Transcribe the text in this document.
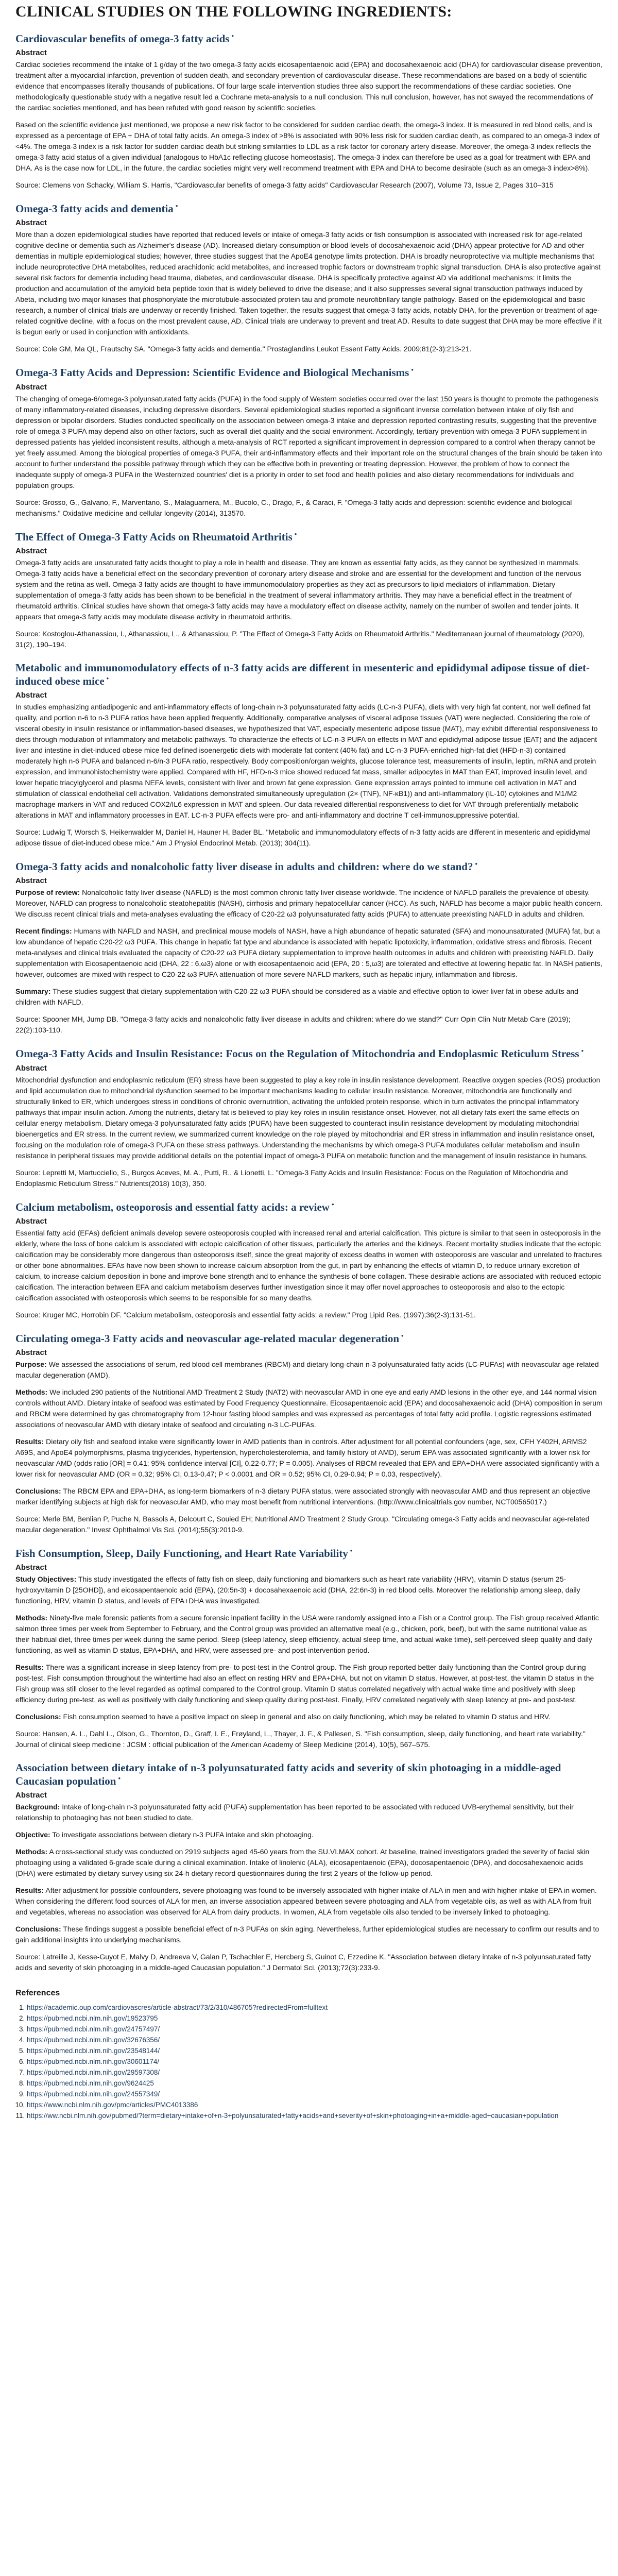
CLINICAL STUDIES ON THE FOLLOWING INGREDIENTS:
Cardiovascular benefits of omega-3 fatty acids •
Abstract

Cardiac societies recommend the intake of 1 g/day of the two omega-3 fatty acids eicosapentaenoic acid (EPA) and docosahexaenoic acid (DHA) for cardiovascular disease prevention, treatment after a myocardial infarction, prevention of sudden death, and secondary prevention of cardiovascular disease. These recommendations are based on a body of scientific evidence that encompasses literally thousands of publications. Of four large scale intervention studies three also support the recommendations of these cardiac societies. One methodologically questionable study with a negative result led a Cochrane meta-analysis to a null conclusion. This null conclusion, however, has not swayed the recommendations of the cardiac societies mentioned, and has been refuted with good reason by scientific societies.

Based on the scientific evidence just mentioned, we propose a new risk factor to be considered for sudden cardiac death, the omega-3 index. It is measured in red blood cells, and is expressed as a percentage of EPA + DHA of total fatty acids. An omega-3 index of >8% is associated with 90% less risk for sudden cardiac death, as compared to an omega-3 index of <4%. The omega-3 index is a risk factor for sudden cardiac death but striking similarities to LDL as a risk factor for coronary artery disease. Moreover, the omega-3 index reflects the omega-3 fatty acid status of a given individual (analogous to HbA1c reflecting glucose homeostasis). The omega-3 index can therefore be used as a goal for treatment with EPA and DHA. As is the case now for LDL, in the future, the cardiac societies might very well recommend treatment with EPA and DHA to become desirable (such as an omega-3 index>8%).

Source: Clemens von Schacky, William S. Harris, "Cardiovascular benefits of omega-3 fatty acids" Cardiovascular Research (2007), Volume 73, Issue 2, Pages 310–315
Omega-3 fatty acids and dementia •
Abstract

More than a dozen epidemiological studies have reported that reduced levels or intake of omega-3 fatty acids or fish consumption is associated with increased risk for age-related cognitive decline or dementia such as Alzheimer's disease (AD). Increased dietary consumption or blood levels of docosahexaenoic acid (DHA) appear protective for AD and other dementias in multiple epidemiological studies; however, three studies suggest that the ApoE4 genotype limits protection. DHA is broadly neuroprotective via multiple mechanisms that include neuroprotective DHA metabolites, reduced arachidonic acid metabolites, and increased trophic factors or downstream trophic signal transduction. DHA is also protective against several risk factors for dementia including head trauma, diabetes, and cardiovascular disease. DHA is specifically protective against AD via additional mechanisms: It limits the production and accumulation of the amyloid beta peptide toxin that is widely believed to drive the disease; and it also suppresses several signal transduction pathways induced by Abeta, including two major kinases that phosphorylate the microtubule-associated protein tau and promote neurofibrillary tangle pathology. Based on the epidemiological and basic research, a number of clinical trials are underway or recently finished. Taken together, the results suggest that omega-3 fatty acids, notably DHA, for the prevention or treatment of age-related cognitive decline, with a focus on the most prevalent cause, AD. Clinical trials are underway to prevent and treat AD. Results to date suggest that DHA may be more effective if it is begun early or used in conjunction with antioxidants.

Source: Cole GM, Ma QL, Frautschy SA. "Omega-3 fatty acids and dementia." Prostaglandins Leukot Essent Fatty Acids. 2009;81(2-3):213-21.
Omega-3 Fatty Acids and Depression: Scientific Evidence and Biological Mechanisms •
Abstract

The changing of omega-6/omega-3 polyunsaturated fatty acids (PUFA) in the food supply of Western societies occurred over the last 150 years is thought to promote the pathogenesis of many inflammatory-related diseases, including depressive disorders. Several epidemiological studies reported a significant inverse correlation between intake of oily fish and depression or bipolar disorders. Studies conducted specifically on the association between omega-3 intake and depression reported contrasting results, suggesting that the preventive role of omega-3 PUFA may depend also on other factors, such as overall diet quality and the social environment. Accordingly, tertiary prevention with omega-3 PUFA supplement in depressed patients has yielded inconsistent results, although a meta-analysis of RCT reported a significant improvement in depression compared to a control when therapy cannot be yet freely assumed. Among the biological properties of omega-3 PUFA, their anti-inflammatory effects and their important role on the structural changes of the brain should be taken into account to further understand the possible pathway through which they can be effective both in preventing or treating depression. However, the problem of how to connect the inadequate supply of omega-3 PUFA in the Westernized countries' diet is a priority in order to set food and health policies and also dietary recommendations for individuals and population groups.

Source: Grosso, G., Galvano, F., Marventano, S., Malaguarnera, M., Bucolo, C., Drago, F., & Caraci, F. "Omega-3 fatty acids and depression: scientific evidence and biological mechanisms." Oxidative medicine and cellular longevity (2014), 313570.
The Effect of Omega-3 Fatty Acids on Rheumatoid Arthritis •
Abstract

Omega-3 fatty acids are unsaturated fatty acids thought to play a role in health and disease. They are known as essential fatty acids, as they cannot be synthesized in mammals. Omega-3 fatty acids have a beneficial effect on the secondary prevention of coronary artery disease and stroke and are essential for the development and function of the nervous system and the retina as well. Omega-3 fatty acids are thought to have immunomodulatory properties as they act as precursors to lipid mediators of inflammation. Dietary supplementation of omega-3 fatty acids has been shown to be beneficial in the treatment of several inflammatory arthritis. They may have a beneficial effect in the treatment of rheumatoid arthritis. Clinical studies have shown that omega-3 fatty acids may have a modulatory effect on disease activity, namely on the number of swollen and tender joints. It appears that omega-3 fatty acids may modulate disease activity in rheumatoid arthritis.

Source: Kostoglou-Athanassiou, I., Athanassiou, L., & Athanassiou, P. "The Effect of Omega-3 Fatty Acids on Rheumatoid Arthritis." Mediterranean journal of rheumatology (2020), 31(2), 190–194.
Metabolic and immunomodulatory effects of n-3 fatty acids are different in mesenteric and epididymal adipose tissue of diet-induced obese mice •
Abstract

In studies emphasizing antiadipogenic and anti-inflammatory effects of long-chain n-3 polyunsaturated fatty acids (LC-n-3 PUFA), diets with very high fat content, nor well defined fat quality, and portion n-6 to n-3 PUFA ratios have been applied frequently. Additionally, comparative analyses of visceral adipose tissues (VAT) were neglected. Considering the role of visceral obesity in insulin resistance or inflammation-based diseases, we hypothesized that VAT, especially mesenteric adipose tissue (MAT), may exhibit differential responsiveness to diets through modulation of inflammatory and metabolic pathways. To characterize the effects of LC-n-3 PUFA on effects in MAT and epididymal adipose tissue (EAT) and the adjacent liver and intestine in diet-induced obese mice fed defined isoenergetic diets with moderate fat content (40% fat) and LC-n-3 PUFA-enriched high-fat diet (HFD-n-3) contained moderately high n-6 PUFA and balanced n-6/n-3 PUFA ratio, respectively. Body composition/organ weights, glucose tolerance test, measurements of insulin, leptin, mRNA and protein expression, and immunohistochemistry were applied. Compared with HF, HFD-n-3 mice showed reduced fat mass, smaller adipocytes in MAT than EAT, improved insulin level, and lower hepatic triacylglycerol and plasma NEFA levels, consistent with liver and brown fat gene expression. Gene expression arrays pointed to immune cell activation in MAT and stimulation of classical endothelial cell activation. Validations demonstrated simultaneously upregulation (2× (TNF), NF-κB1)) and anti-inflammatory (IL-10) cytokines and M1/M2 macrophage markers in VAT and reduced COX2/IL6 expression in MAT and spleen. Our data revealed differential responsiveness to diet for VAT through preferentially metabolic alterations in MAT and inflammatory processes in EAT. LC-n-3 PUFA effects were pro- and anti-inflammatory and doctrine T cell-immunosuppressive potential.

Source: Ludwig T, Worsch S, Heikenwalder M, Daniel H, Hauner H, Bader BL. "Metabolic and immunomodulatory effects of n-3 fatty acids are different in mesenteric and epididymal adipose tissue of diet-induced obese mice." Am J Physiol Endocrinol Metab. (2013); 304(11).
Omega-3 fatty acids and nonalcoholic fatty liver disease in adults and children: where do we stand? •
Abstract

Purpose of review: Nonalcoholic fatty liver disease (NAFLD) is the most common chronic fatty liver disease worldwide. The incidence of NAFLD parallels the prevalence of obesity. Moreover, NAFLD can progress to nonalcoholic steatohepatitis (NASH), cirrhosis and primary hepatocellular cancer (HCC). As such, NAFLD has become a major public health concern. We discuss recent clinical trials and meta-analyses evaluating the efficacy of C20-22 ω3 polyunsaturated fatty acids (PUFA) to attenuate preexisting NAFLD in adults and children.

Recent findings: Humans with NAFLD and NASH, and preclinical mouse models of NASH, have a high abundance of hepatic saturated (SFA) and monounsaturated (MUFA) fat, but a low abundance of hepatic C20-22 ω3 PUFA. This change in hepatic fat type and abundance is associated with hepatic lipotoxicity, inflammation, oxidative stress and fibrosis. Recent meta-analyses and clinical trials evaluated the capacity of C20-22 ω3 PUFA dietary supplementation to improve health outcomes in adults and children with preexisting NAFLD. Daily supplementation with Eicosapentaenoic acid (DHA, 22 : 6,ω3) alone or with eicosapentaenoic acid (EPA, 20 : 5,ω3) are tolerated and effective at lowering hepatic fat. In NASH patients, however, outcomes are mixed with respect to C20-22 ω3 PUFA attenuation of more severe NAFLD markers, such as hepatic injury, inflammation and fibrosis.

Summary: These studies suggest that dietary supplementation with C20-22 ω3 PUFA should be considered as a viable and effective option to lower liver fat in obese adults and children with NAFLD.

Source: Spooner MH, Jump DB. "Omega-3 fatty acids and nonalcoholic fatty liver disease in adults and children: where do we stand?" Curr Opin Clin Nutr Metab Care (2019); 22(2):103-110.
Omega-3 Fatty Acids and Insulin Resistance: Focus on the Regulation of Mitochondria and Endoplasmic Reticulum Stress •
Abstract

Mitochondrial dysfunction and endoplasmic reticulum (ER) stress have been suggested to play a key role in insulin resistance development. Reactive oxygen species (ROS) production and lipid accumulation due to mitochondrial dysfunction seemed to be important mechanisms leading to cellular insulin resistance. Moreover, mitochondria are functionally and structurally linked to ER, which undergoes stress in conditions of chronic overnutrition, activating the unfolded protein response, which in turn activates the principal inflammatory pathways that impair insulin action. Among the nutrients, dietary fat is believed to play key roles in insulin resistance onset. However, not all dietary fats exert the same effects on cellular energy metabolism. Dietary omega-3 polyunsaturated fatty acids (PUFA) have been suggested to counteract insulin resistance development by modulating mitochondrial bioenergetics and ER stress. In the current review, we summarized current knowledge on the role played by mitochondrial and ER stress in inflammation and insulin resistance onset, focusing on the modulation role of omega-3 PUFA on these stress pathways. Understanding the mechanisms by which omega-3 PUFA modulates cellular metabolism and insulin resistance in peripheral tissues may provide additional details on the potential impact of omega-3 PUFA on metabolic function and the management of insulin resistance in humans.

Source: Lepretti M, Martucciello, S., Burgos Aceves, M. A., Putti, R., & Lionetti, L. "Omega-3 Fatty Acids and Insulin Resistance: Focus on the Regulation of Mitochondria and Endoplasmic Reticulum Stress." Nutrients(2018) 10(3), 350.
Calcium metabolism, osteoporosis and essential fatty acids: a review •
Abstract

Essential fatty acid (EFAs) deficient animals develop severe osteoporosis coupled with increased renal and arterial calcification. This picture is similar to that seen in osteoporosis in the elderly, where the loss of bone calcium is associated with ectopic calcification of other tissues, particularly the arteries and the kidneys. Recent mortality studies indicate that the ectopic calcification may be considerably more dangerous than osteoporosis itself, since the great majority of excess deaths in women with osteoporosis are vascular and unrelated to fractures or other bone abnormalities. EFAs have now been shown to increase calcium absorption from the gut, in part by enhancing the effects of vitamin D, to reduce urinary excretion of calcium, to increase calcium deposition in bone and improve bone strength and to enhance the synthesis of bone collagen. These desirable actions are associated with reduced ectopic calcification. The interaction between EFA and calcium metabolism deserves further investigation since it may offer novel approaches to osteoporosis and also to the ectopic calcification associated with osteoporosis which seems to be responsible for so many deaths.

Source: Kruger MC, Horrobin DF. "Calcium metabolism, osteoporosis and essential fatty acids: a review." Prog Lipid Res. (1997);36(2-3):131-51.
Circulating omega-3 Fatty acids and neovascular age-related macular degeneration •
Abstract

Purpose: We assessed the associations of serum, red blood cell membranes (RBCM) and dietary long-chain n-3 polyunsaturated fatty acids (LC-PUFAs) with neovascular age-related macular degeneration (AMD).

Methods: We included 290 patients of the Nutritional AMD Treatment 2 Study (NAT2) with neovascular AMD in one eye and early AMD lesions in the other eye, and 144 normal vision controls without AMD. Dietary intake of seafood was estimated by Food Frequency Questionnaire. Eicosapentaenoic acid (EPA) and docosahexaenoic acid (DHA) composition in serum and RBCM were determined by gas chromatography from 12-hour fasting blood samples and was expressed as percentages of total fatty acid profile. Logistic regressions estimated associations of neovascular AMD with dietary intake of seafood and circulating n-3 LC-PUFAs.

Results: Dietary oily fish and seafood intake were significantly lower in AMD patients than in controls. After adjustment for all potential confounders (age, sex, CFH Y402H, ARMS2 A69S, and ApoE4 polymorphisms, plasma triglycerides, hypertension, hypercholesterolemia, and family history of AMD), serum EPA was associated significantly with a lower risk for neovascular AMD (odds ratio [OR] = 0.41; 95% confidence interval [CI], 0.22-0.77; P = 0.005). Analyses of RBCM revealed that EPA and EPA+DHA were associated significantly with a lower risk for neovascular AMD (OR = 0.32; 95% CI, 0.13-0.47; P < 0.0001 and OR = 0.52; 95% CI, 0.29-0.94; P = 0.03, respectively).

Conclusions: The RBCM EPA and EPA+DHA, as long-term biomarkers of n-3 dietary PUFA status, were associated strongly with neovascular AMD and thus represent an objective marker identifying subjects at high risk for neovascular AMD, who may most benefit from nutritional interventions. (http://www.clinicaltrials.gov number, NCT00565017.)

Source: Merle BM, Benlian P, Puche N, Bassols A, Delcourt C, Souied EH; Nutritional AMD Treatment 2 Study Group. "Circulating omega-3 Fatty acids and neovascular age-related macular degeneration." Invest Ophthalmol Vis Sci. (2014);55(3):2010-9.
Fish Consumption, Sleep, Daily Functioning, and Heart Rate Variability •
Abstract

Study Objectives: This study investigated the effects of fatty fish on sleep, daily functioning and biomarkers such as heart rate variability (HRV), vitamin D status (serum 25-hydroxyvitamin D [25OHD]), and eicosapentaenoic acid (EPA), (20:5n-3) + docosahexaenoic acid (DHA, 22:6n-3) in red blood cells. Moreover the relationship among sleep, daily functioning, HRV, vitamin D status, and levels of EPA+DHA was investigated.

Methods: Ninety-five male forensic patients from a secure forensic inpatient facility in the USA were randomly assigned into a Fish or a Control group. The Fish group received Atlantic salmon three times per week from September to February, and the Control group was provided an alternative meal (e.g., chicken, pork, beef), but with the same nutritional value as their habitual diet, three times per week during the same period. Sleep (sleep latency, sleep efficiency, actual sleep time, and actual wake time), self-perceived sleep quality and daily functioning, as well as vitamin D status, EPA+DHA, and HRV, were assessed pre- and post-intervention period.

Results: There was a significant increase in sleep latency from pre- to post-test in the Control group. The Fish group reported better daily functioning than the Control group during post-test. Fish consumption throughout the wintertime had also an effect on resting HRV and EPA+DHA, but not on vitamin D status. However, at post-test, the vitamin D status in the Fish group was still closer to the level regarded as optimal compared to the Control group. Vitamin D status correlated negatively with actual wake time and positively with sleep efficiency during pre-test, as well as positively with daily functioning and sleep quality during post-test. Finally, HRV correlated negatively with sleep latency at pre- and post-test.

Conclusions: Fish consumption seemed to have a positive impact on sleep in general and also on daily functioning, which may be related to vitamin D status and HRV.

Source: Hansen, A. L., Dahl L., Olson, G., Thornton, D., Graff, I. E., Frøyland, L., Thayer, J. F., & Pallesen, S. "Fish consumption, sleep, daily functioning, and heart rate variability." Journal of clinical sleep medicine : JCSM : official publication of the American Academy of Sleep Medicine (2014), 10(5), 567–575.
Association between dietary intake of n-3 polyunsaturated fatty acids and severity of skin photoaging in a middle-aged Caucasian population •
Abstract

Background: Intake of long-chain n-3 polyunsaturated fatty acid (PUFA) supplementation has been reported to be associated with reduced UVB-erythemal sensitivity, but their relationship to photoaging has not been studied to date.

Objective: To investigate associations between dietary n-3 PUFA intake and skin photoaging.

Methods: A cross-sectional study was conducted on 2919 subjects aged 45-60 years from the SU.VI.MAX cohort. At baseline, trained investigators graded the severity of facial skin photoaging using a validated 6-grade scale during a clinical examination. Intake of linolenic (ALA), eicosapentaenoic (EPA), docosapentaenoic (DPA), and docosahexaenoic acids (DHA) were estimated by dietary survey using six 24-h dietary record questionnaires during the first 2 years of the follow-up period.

Results: After adjustment for possible confounders, severe photoaging was found to be inversely associated with higher intake of ALA in men and with higher intake of EPA in women. When considering the different food sources of ALA for men, an inverse association appeared between severe photoaging and ALA from vegetable oils, as well as with ALA from fruit and vegetables, whereas no association was observed for ALA from dairy products. In women, ALA from vegetable oils also tended to be inversely linked to photoaging.

Conclusions: These findings suggest a possible beneficial effect of n-3 PUFAs on skin aging. Nevertheless, further epidemiological studies are necessary to confirm our results and to gain additional insights into underlying mechanisms.

Source: Latreille J, Kesse-Guyot E, Malvy D, Andreeva V, Galan P, Tschachler E, Hercberg S, Guinot C, Ezzedine K. "Association between dietary intake of n-3 polyunsaturated fatty acids and severity of skin photoaging in a middle-aged Caucasian population." J Dermatol Sci. (2013);72(3):233-9.
References
1. https://academic.oup.com/cardiovascres/article-abstract/73/2/310/486705?redirectedFrom=fulltext
2. https://pubmed.ncbi.nlm.nih.gov/19523795
3. https://pubmed.ncbi.nlm.nih.gov/24757497/
4. https://pubmed.ncbi.nlm.nih.gov/32676356/
5. https://pubmed.ncbi.nlm.nih.gov/23548144/
6. https://pubmed.ncbi.nlm.nih.gov/30601174/
7. https://pubmed.ncbi.nlm.nih.gov/29597308/
8. https://pubmed.ncbi.nlm.nih.gov/9624425
9. https://pubmed.ncbi.nlm.nih.gov/24557349/
10. https://www.ncbi.nlm.nih.gov/pmc/articles/PMC4013386
11. https://ww.ncbi.nlm.nih.gov/pubmed/?term=dietary+intake+of+n-3+polyunsaturated+fatty+acids+and+severity+of+skin+photoaging+in+a+middle-aged+caucasian+population
